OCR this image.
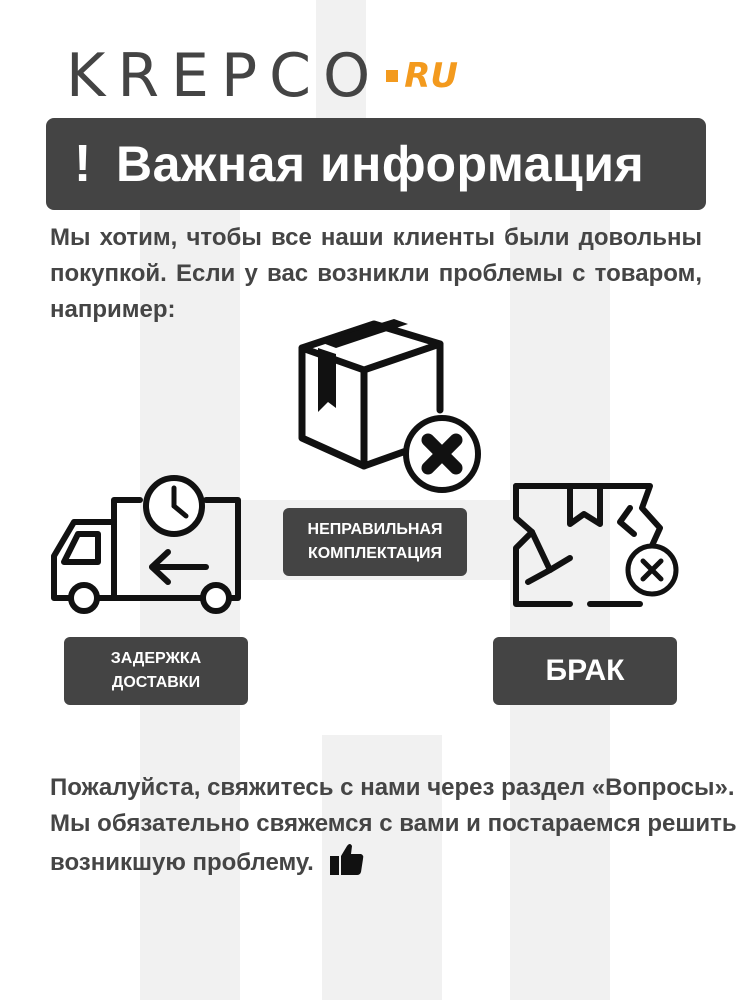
KREPCO RU
! Важная информация
Мы хотим, чтобы все наши клиенты были довольны покупкой. Если у вас возникли проблемы с товаром, например:
НЕПРАВИЛЬНАЯ
КОМПЛЕКТАЦИЯ
ЗАДЕРЖКА
ДОСТАВКИ	БРАК
Пожалуйста, свяжитесь с нами через раздел «Вопросы».
Мы обязательно свяжемся с вами и постараемся решить
возникшую проблему.
